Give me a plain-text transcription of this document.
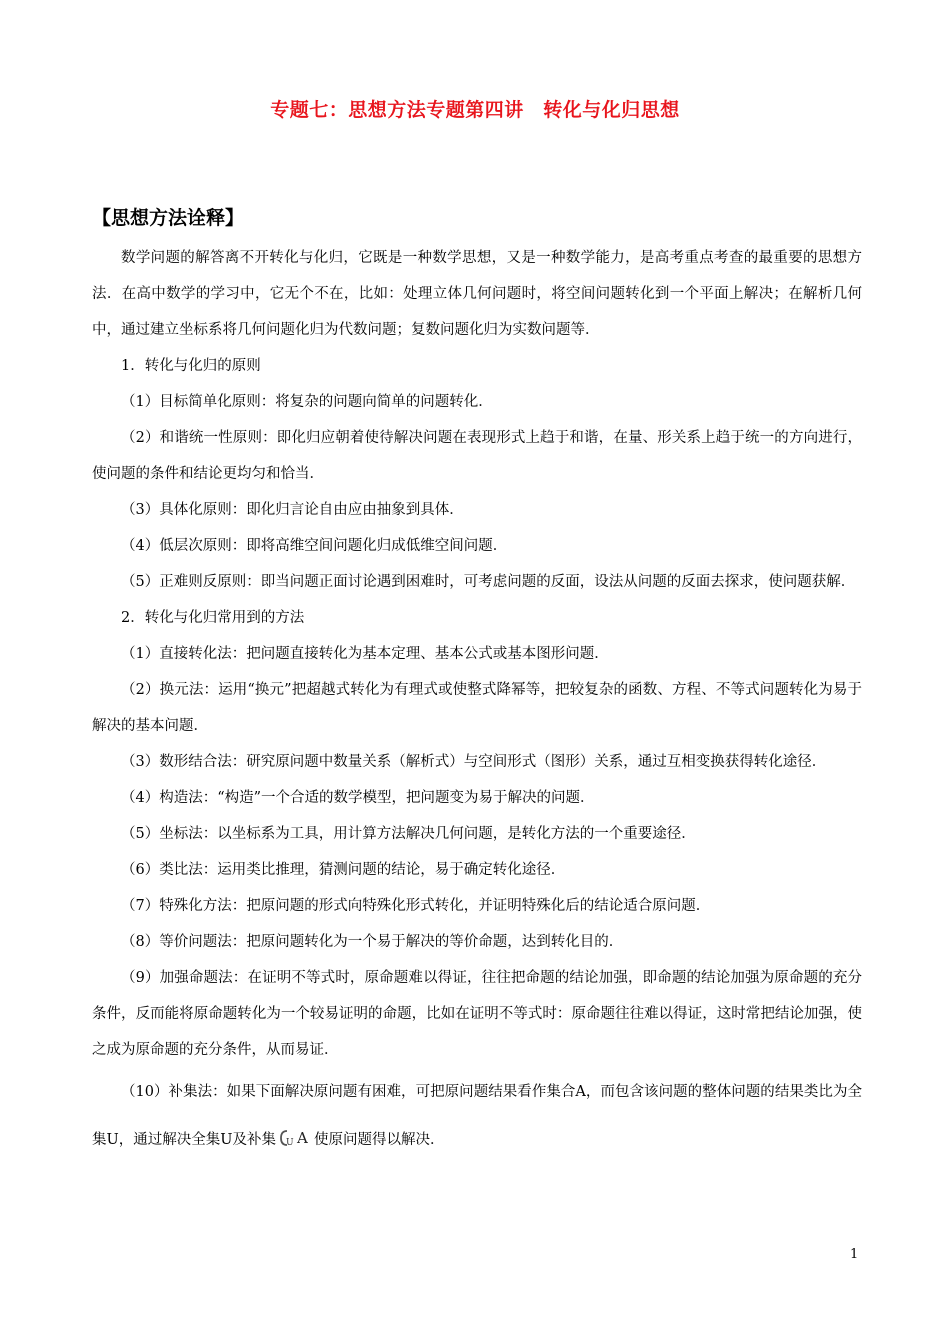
专题七：思想方法专题第四讲　转化与化归思想
【思想方法诠释】

数学问题的解答离不开转化与化归，它既是一种数学思想，又是一种数学能力，是高考重点考查的最重要的思想方法．在高中数学的学习中，它无个不在，比如：处理立体几何问题时，将空间问题转化到一个平面上解决；在解析几何中，通过建立坐标系将几何问题化归为代数问题；复数问题化归为实数问题等．

1．转化与化归的原则

（1）目标简单化原则：将复杂的问题向简单的问题转化．

（2）和谐统一性原则：即化归应朝着使待解决问题在表现形式上趋于和谐，在量、形关系上趋于统一的方向进行，使问题的条件和结论更均匀和恰当．

（3）具体化原则：即化归言论自由应由抽象到具体．

（4）低层次原则：即将高维空间问题化归成低维空间问题．

（5）正难则反原则：即当问题正面讨论遇到困难时，可考虑问题的反面，设法从问题的反面去探求，使问题获解．

2．转化与化归常用到的方法

（1）直接转化法：把问题直接转化为基本定理、基本公式或基本图形问题．

（2）换元法：运用“换元”把超越式转化为有理式或使整式降幂等，把较复杂的函数、方程、不等式问题转化为易于解决的基本问题．

（3）数形结合法：研究原问题中数量关系（解析式）与空间形式（图形）关系，通过互相变换获得转化途径．

（4）构造法：“构造”一个合适的数学模型，把问题变为易于解决的问题．

（5）坐标法：以坐标系为工具，用计算方法解决几何问题，是转化方法的一个重要途径．

（6）类比法：运用类比推理，猜测问题的结论，易于确定转化途径．

（7）特殊化方法：把原问题的形式向特殊化形式转化，并证明特殊化后的结论适合原问题．

（8）等价问题法：把原问题转化为一个易于解决的等价命题，达到转化目的．

（9）加强命题法：在证明不等式时，原命题难以得证，往往把命题的结论加强，即命题的结论加强为原命题的充分条件，反而能将原命题转化为一个较易证明的命题，比如在证明不等式时：原命题往往难以得证，这时常把结论加强，使之成为原命题的充分条件，从而易证．

（10）补集法：如果下面解决原问题有困难，可把原问题结果看作集合A，而包含该问题的整体问题的结果类比为全集U，通过解决全集U及补集 U A 使原问题得以解决．

1
